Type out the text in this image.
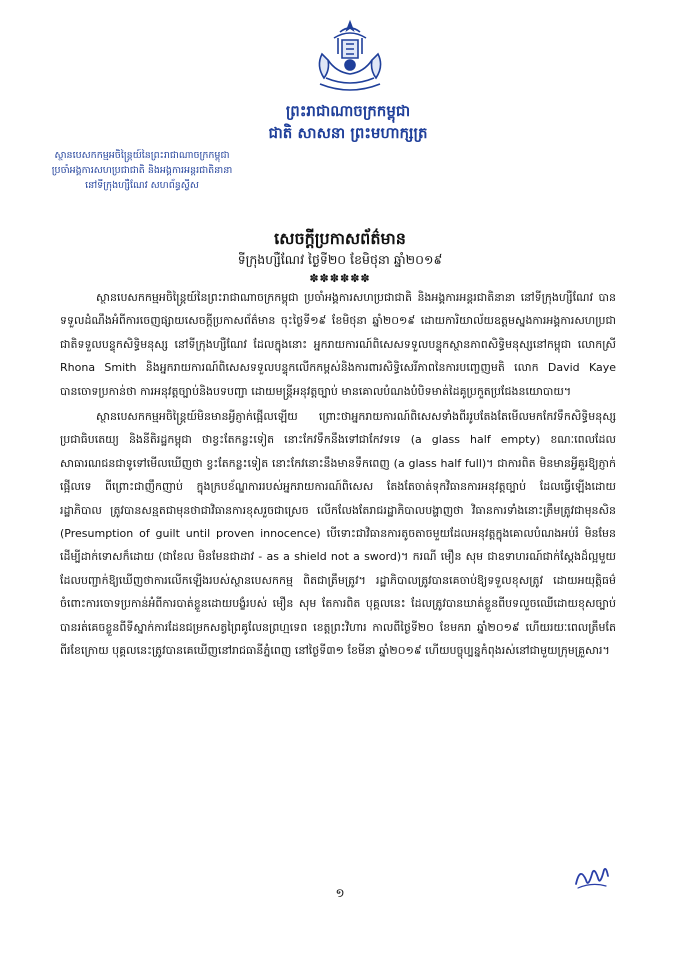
ព្រះរាជាណាចក្រកម្ពុជា
ជាតិ សាសនា ព្រះមហាក្សត្រ
ស្ថានបេសកកម្មអចិន្ត្រៃយ៍នៃព្រះរាជាណាចក្រកម្ពុជា
ប្រចាំអង្គការសហប្រជាជាតិ និងអង្គការអន្តរជាតិនានា
នៅទីក្រុងហ្សឺណែវ សហព័ន្ធស្វីស
សេចក្តីប្រកាសព័ត៌មាន
ទីក្រុងហ្សឺណែវ ថ្ងៃទី២០ ខែមិថុនា ឆ្នាំ២០១៩
✽✽✽✽✽✽

ស្ថានបេសកកម្មអចិន្ត្រៃយ៍នៃព្រះរាជាណាចក្រកម្ពុជា ប្រចាំអង្គការសហប្រជាជាតិ និងអង្គការអន្តរជាតិនានា នៅទីក្រុងហ្សឺណែវ បានទទួលដំណឹងអំពីការចេញផ្សាយសេចក្តីប្រកាសព័ត៌មាន ចុះថ្ងៃទី១៩ ខែមិថុនា ឆ្នាំ២០១៩ ដោយការិយាល័យឧត្តមស្នងការអង្គការសហប្រជាជាតិទទួលបន្ទុកសិទ្ធិមនុស្ស នៅទីក្រុងហ្សឺណែវ ដែលក្នុងនោះ អ្នករាយការណ៍ពិសេសទទួលបន្ទុកស្ថានភាពសិទ្ធិមនុស្សនៅកម្ពុជា លោកស្រី Rhona Smith និងអ្នករាយការណ៍ពិសេសទទួលបន្ទុកលើកកម្ពស់និងការពារសិទ្ធិសេរីភាពនៃការបញ្ចេញមតិ លោក David Kaye បានចោទប្រកាន់ថា ការអនុវត្តច្បាប់និងបទបញ្ជា ដោយមន្ត្រីអនុវត្តច្បាប់ មានគោលបំណងបំបិទមាត់ដៃគូប្រកួតប្រជែងនយោបាយ។

ស្ថានបេសកកម្មអចិន្ត្រៃយ៍មិនមានអ្វីភ្ញាក់ផ្អើលឡើយ ព្រោះថាអ្នករាយការណ៍ពិសេសទាំងពីររូបតែងតែមើលមកកែវទឹកសិទ្ធិមនុស្ស ប្រជាធិបតេយ្យ និងនីតិរដ្ឋកម្ពុជា ថាខ្វះតែកន្លះទៀត នោះកែវទឹកនឹងទៅជាកែវទទេ (a glass half empty) ខណៈពេលដែលសាធារណជនជាទូទៅមើលឃើញថា ខ្វះតែកន្លះទៀត នោះកែវនោះនឹងមានទឹកពេញ (a glass half full)។ ជាការពិត មិនមានអ្វីគួរឱ្យភ្ញាក់ផ្អើលទេ ពីព្រោះជាញឹកញាប់ ក្នុងក្របខ័ណ្ឌការរបស់អ្នករាយការណ៍ពិសេស តែងតែចាត់ទុកវិធានការអនុវត្តច្បាប់ ដែលធ្វើឡើងដោយរដ្ឋាភិបាល ត្រូវបានសន្មតជាមុនថាជាវិធានការខុសរួចជាស្រេច លើកលែងតែរាជរដ្ឋាភិបាលបង្ហាញថា វិធានការទាំងនោះត្រឹមត្រូវជាមុនសិន (Presumption of guilt until proven innocence) បើទោះជាវិធានការតូចតាចមួយដែលអនុវត្តក្នុងគោលបំណងអប់រំ មិនមែនដើម្បីដាក់ទោសក៏ដោយ (ជាខែល មិនមែនជាដាវ - as a shield not a sword)។ ករណី មឿន សុម ជាឧទាហរណ៍ជាក់ស្តែងដ៏ល្អមួយ ដែលបញ្ជាក់ឱ្យឃើញថាការលើកឡើងរបស់ស្ថានបេសកកម្ម ពិតជាត្រឹមត្រូវ។ រដ្ឋាភិបាលត្រូវបានគេចាប់ឱ្យទទួលខុសត្រូវ ដោយអយុត្តិធម៌ ចំពោះការចោទប្រកាន់អំពីការបាត់ខ្លួនដោយបង្ខំរបស់ មឿន សុម តែការពិត បុគ្គលនេះ ដែលត្រូវបានឃាត់ខ្លួនពីបទលួចឈើដោយខុសច្បាប់ បានរត់គេចខ្លួនពីទីស្នាក់ការដែនជម្រកសត្វព្រៃគូលែនព្រហ្មទេព ខេត្តព្រះវិហារ កាលពីថ្ងៃទី២០ ខែមករា ឆ្នាំ២០១៩ ហើយរយៈពេលត្រឹមតែពីរខែក្រោយ បុគ្គលនេះត្រូវបានគេឃើញនៅរាជធានីភ្នំពេញ នៅថ្ងៃទី៣១ ខែមីនា ឆ្នាំ២០១៩ ហើយបច្ចុប្បន្នកំពុងរស់នៅជាមួយក្រុមគ្រួសារ។

១
